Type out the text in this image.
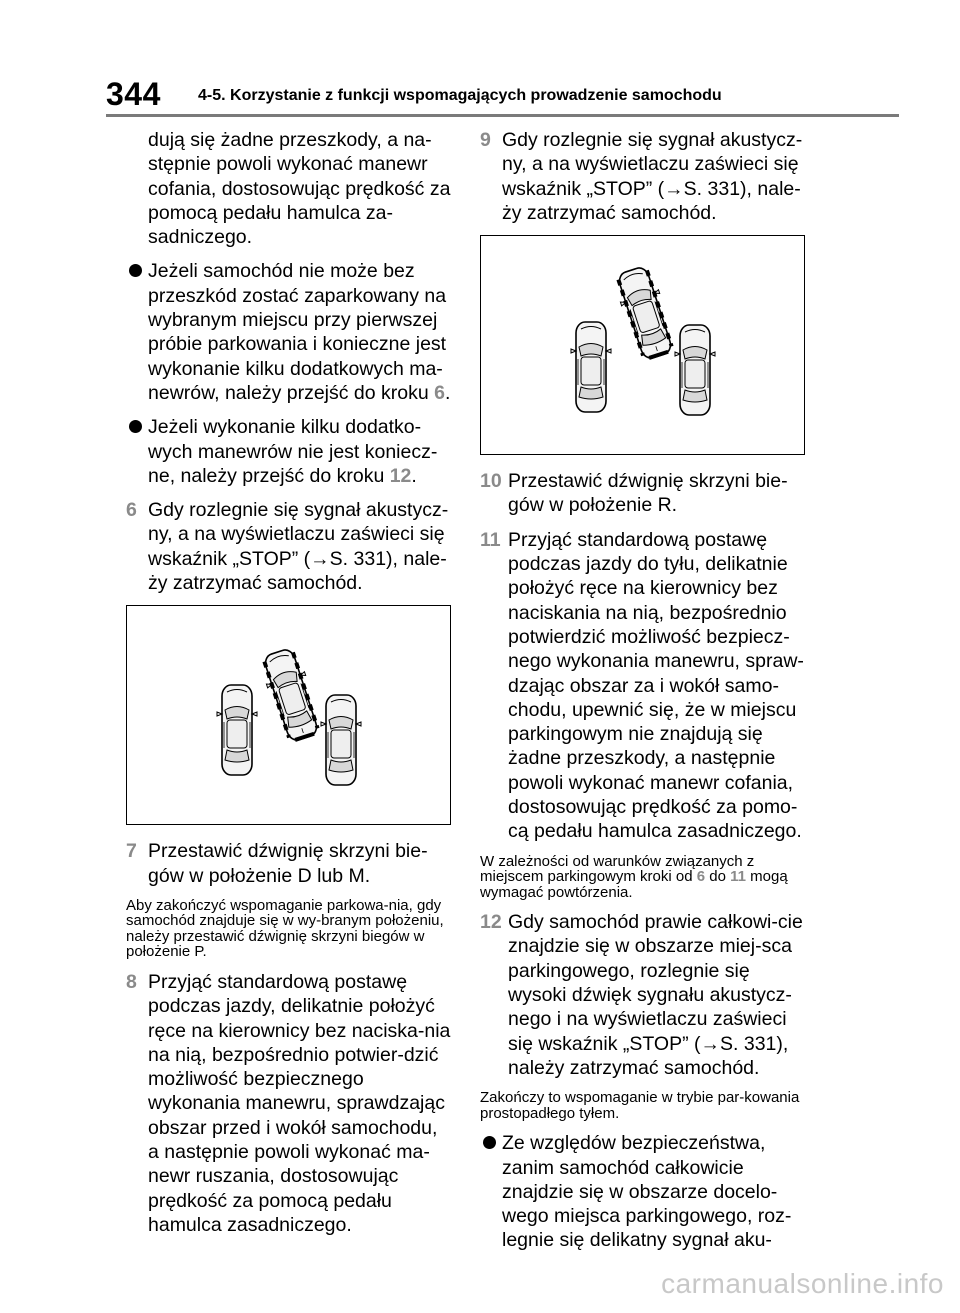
344 4-5. Korzystanie z funkcji wspomagających prowadzenie samochodu

dują się żadne przeszkody, a na-stępnie powoli wykonać manewr cofania, dostosowując prędkość za pomocą pedału hamulca za-sadniczego.

Jeżeli samochód nie może bez przeszkód zostać zaparkowany na wybranym miejscu przy pierwszej próbie parkowania i konieczne jest wykonanie kilku dodatkowych ma-newrów, należy przejść do kroku 6.
Jeżeli wykonanie kilku dodatko-wych manewrów nie jest koniecz-ne, należy przejść do kroku 12.
6 Gdy rozlegnie się sygnał akustycz-ny, a na wyświetlaczu zaświeci się wskaźnik „STOP” (→S. 331), nale-ży zatrzymać samochód.
7 Przestawić dźwignię skrzyni bie-gów w położenie D lub M.

Aby zakończyć wspomaganie parkowa-nia, gdy samochód znajduje się w wy-branym położeniu, należy przestawić dźwignię skrzyni biegów w położenie P.

8 Przyjąć standardową postawę podczas jazdy, delikatnie położyć ręce na kierownicy bez naciska-nia na nią, bezpośrednio potwier-dzić możliwość bezpiecznego wykonania manewru, sprawdzając obszar przed i wokół samochodu, a następnie powoli wykonać ma-newr ruszania, dostosowując prędkość za pomocą pedału hamulca zasadniczego.
9 Gdy rozlegnie się sygnał akustycz-ny, a na wyświetlaczu zaświeci się wskaźnik „STOP” (→S. 331), nale-ży zatrzymać samochód.
10 Przestawić dźwignię skrzyni bie-gów w położenie R.
11 Przyjąć standardową postawę podczas jazdy do tyłu, delikatnie położyć ręce na kierownicy bez naciskania na nią, bezpośrednio potwierdzić możliwość bezpiecz-nego wykonania manewru, spraw-dzając obszar za i wokół samo-chodu, upewnić się, że w miejscu parkingowym nie znajdują się żadne przeszkody, a następnie powoli wykonać manewr cofania, dostosowując prędkość za pomo-cą pedału hamulca zasadniczego.

W zależności od warunków związanych z miejscem parkingowym kroki od 6 do 11 mogą wymagać powtórzenia.

12 Gdy samochód prawie całkowi-cie znajdzie się w obszarze miej-sca parkingowego, rozlegnie się wysoki dźwięk sygnału akustycz-nego i na wyświetlaczu zaświeci się wskaźnik „STOP” (→S. 331), należy zatrzymać samochód.

Zakończy to wspomaganie w trybie par-kowania prostopadłego tyłem.

Ze względów bezpieczeństwa, zanim samochód całkowicie znajdzie się w obszarze docelo-wego miejsca parkingowego, roz-legnie się delikatny sygnał aku-
carmanualsonline.info
